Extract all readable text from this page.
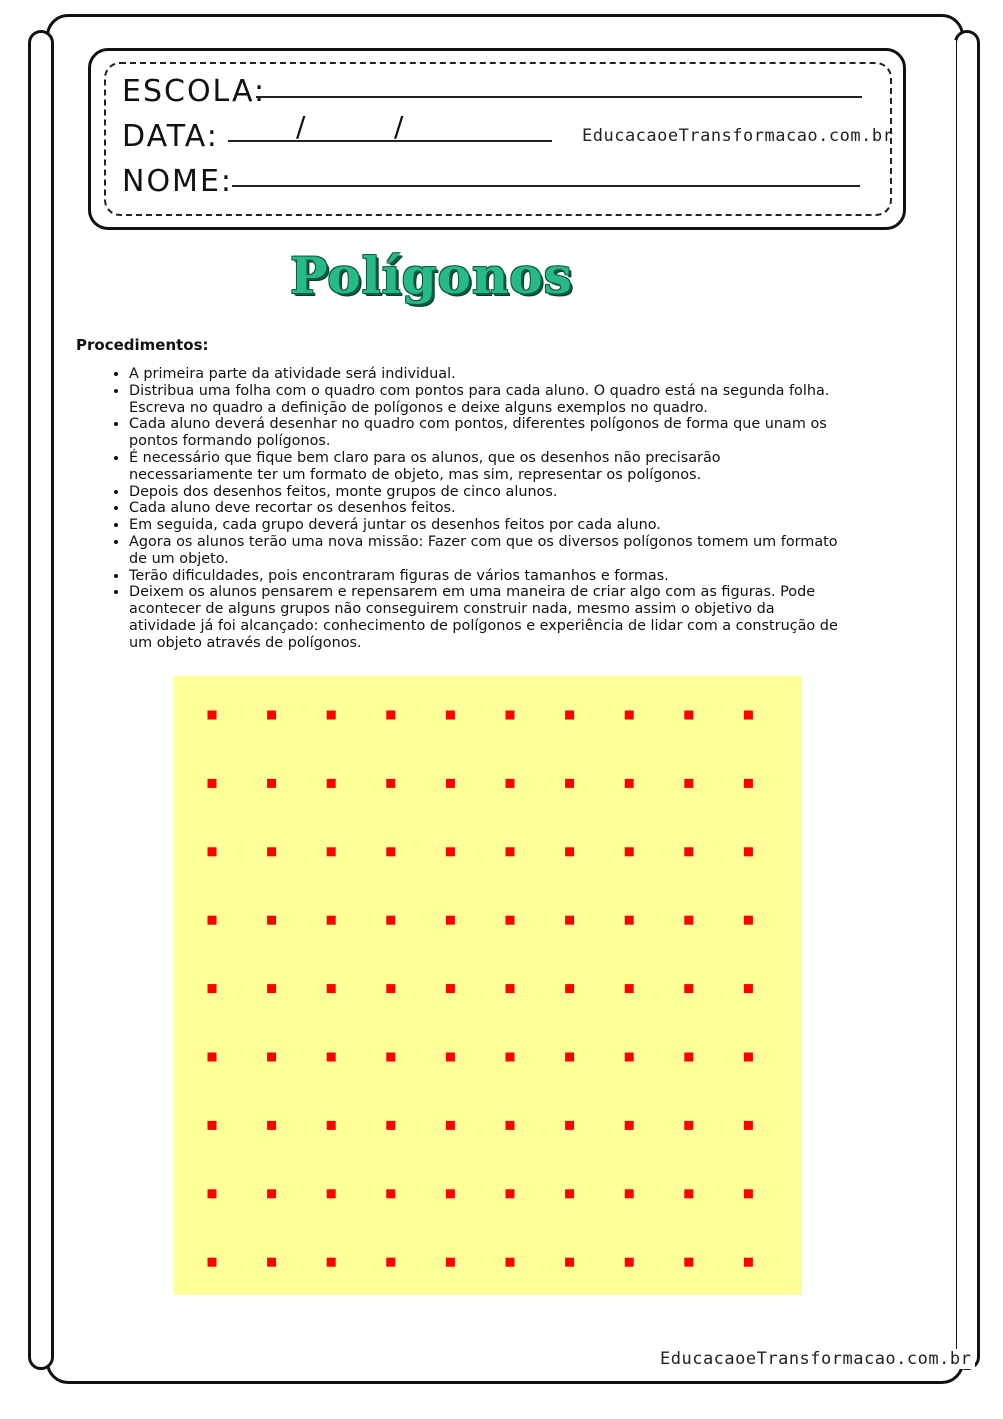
ESCOLA:
DATA:	/	/	EducacaoeTransformacao.com.br
NOME:
Polígonos
Procedimentos:
• A primeira parte da atividade será individual.
• Distribua uma folha com o quadro com pontos para cada aluno. O quadro está na segunda folha. Escreva no quadro a definição de polígonos e deixe alguns exemplos no quadro.
• Cada aluno deverá desenhar no quadro com pontos, diferentes polígonos de forma que unam os pontos formando polígonos.
• É necessário que fique bem claro para os alunos, que os desenhos não precisarão necessariamente ter um formato de objeto, mas sim, representar os polígonos.
• Depois dos desenhos feitos, monte grupos de cinco alunos.
• Cada aluno deve recortar os desenhos feitos.
• Em seguida, cada grupo deverá juntar os desenhos feitos por cada aluno.
• Agora os alunos terão uma nova missão: Fazer com que os diversos polígonos tomem um formato de um objeto.
• Terão dificuldades, pois encontraram figuras de vários tamanhos e formas.
• Deixem os alunos pensarem e repensarem em uma maneira de criar algo com as figuras. Pode acontecer de alguns grupos não conseguirem construir nada, mesmo assim o objetivo da atividade já foi alcançado: conhecimento de polígonos e experiência de lidar com a construção de um objeto através de polígonos.
EducacaoeTransformacao.com.br
